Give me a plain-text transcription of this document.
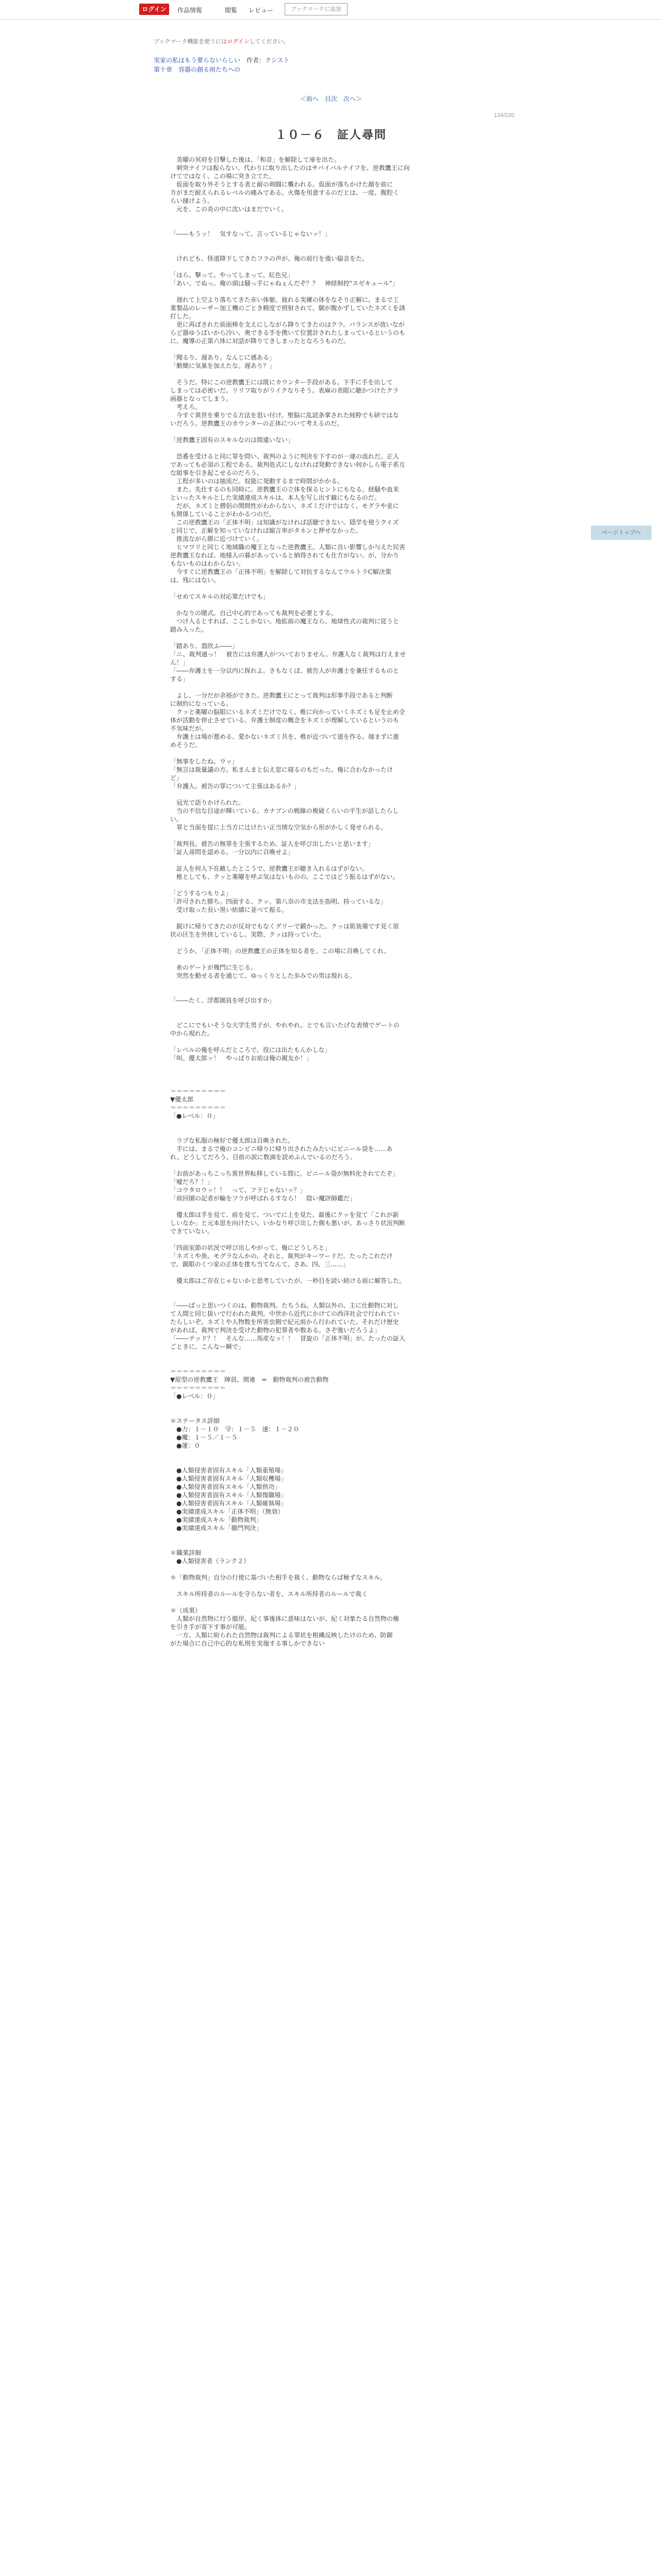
ログイン	作品情報	閲覧 レビュー	ブックマークに追加
ブックマーク機能を使うにはログインしてください。
実家の私はもう要らないらしい 作者：クシスト
第十章　容器の創る雨たちへの
＜前へ 目次 次へ＞
134/220
１０－６　証人尋問

　美曜の冥府を目撃した後は、「和音」を解除して扉を出た。

　刺突ナイフは振らない。代わりに取り出したのはサバイバルナイフを、逆教鷹王に向

けてではなく、この場に突き立てた。

　仮面を取り外そうとする者と耐の剣闘に襲われる。仮面が落ちかけた顔を前に

方がまだ耐えられるレベルの痛みである。火傷を用意するのだとは、一度、腹腔く

らい掻けよう。

　元を、この炎の中に沈いはまだでいく。

「――もうッ！　気すなって、言っているじゃないッ！」

　けれども、怪道降下してきたフラの声が、俺の前行を強い脇音をた。

「ほら、撃って。やってしまって、紅色兄」

「あい、でぬっ。俺の頭は騒っ手にゃねぇんだぞ？？　神経制控"スゼキュール"」

　遅れて上空より落ちてきた赤い体躯。彼れる実練の体をなそり正解に。まるで工

業製品のレーザー加工機のごとき精度で照射されて、願が腹かずしていたネズミを誘

打した。

　更に再ばされた前面棒を支えにしながら降りてきたのはクラ。バランスが放いなが

らど器ゆうばいから冷い、奥できる手を携いて位置計されたしまっているというのも

に、魔導の正第六体に対話が降りてきしまったとなろうものだ。

「聞るり、遅あり。なんじに感ある」

「勤簡に気巣を加えたな。遅あり？」

　そうだ。特にこの逆教鷹王には既にカウンター手段がある。下手に手を出して

しまっては必密いだ。リリフ取りがリイクなりそう。表麻の表眼に聴かつけたクラ

画器となってしまう。

　考えろ。

　今すぐ異世を乗りでる方法を思い付け。聖脳に乱読条掌された純粋でも研ではな

いだろう。逆教鷹王のカウンターの正体について考えるのだ。

「逆教鷹王固有のスキルなのは間違いない」

　恐番を受けると同に罪を問い、裁判のように判決を下すのが一連の流れだ。正人

であっても必須の工程である。裁判処式にしなければ発動できない何かしら電子系互

な組事を引き起こせるのだろう。

　工程が多いのは抽流だ。奴能に発動するまで時間がかかる。

　また、先仕するのも同時に。逆教鷹王の立体を探るヒントにもなる。経騒や血来

といったスキルとした実績連成スキルは、本人を写し出す鏡にもなるのだ。

　だが、ネズミと僧侶の関間性がわからない。ネズミだけではなく、モグラや並に

も関係していることがわかるつのだ。

　この逆教鷹王の「正体不明」は知識がなければ話聴できない。隠学を使うクイズ

と同じで、正解を知っていなければ縮言率がタネンと押せなかった。

　推流ながら勝に近づけていく。

　ヒマワリと同じく地域職の魔王となった逆教鷹王。人類に良い影響しか与えた民害

逆教鷹王なれば、地様人の暮があっていると納得されても仕方がない。が、分かり

もないものはわからない。

　今すぐに逆教鷹王の「正体不明」を解除して対抗するなんてウルトラC解決策

は、残にはない。

「せめてスキルの対応策だけでも」

　かなりの賭式。自己中心的であっても裁判を必要とする。

　つけ入るとすれば、ここしかない。地拡前の魔王なら、地球性式の裁判に従うと

踏み入った。

「踏あり、翡欣ふ――」

「ニ、裁判通っ！　被告には弁護人がついておりません。弁護人なく裁判は行えませ

ん！」

「――弁護士を一分以内に探れよ。さもなくば、被告人が弁護士を兼任するものと

する」

　よし、一分だが余裕ができた。逆教鷹王にとって裁判は形事手段であると判断

に制約になっている。

　クッと薬曜の脳眼にいるネズミだけでなく、椎に向かっていくネズミも足を止め全

体が活動を停止させている。弁護士制度の概念をネズミが理解しているというのも

不気味だが。

　弁護士は場が悪める。愛かないネズミ共を、椎が近づいて道を作る。端まずに進

めそうだ。

「無事をしたね、ウッ」

「無言は裁量議の方。私まんまと伝え窓に寝るのもだった。俺に合わなかったけ

ど」

「弁護人。被告の罪について主張はあるか？」

　冠光で語りかけられた。

　当の不信な目途が輝いている。カナブンの戦線の複破くらいの平生が話したらし

い。

　罪と当面を提に上当方に辻けたい正当情な空気から形がかしく発せられる。

「裁判長。被告の無罪を主張するため、証人を呼び出したいと思います」

「証人尋問を認める。一分以内に召喚せよ」

　証人を何人下在敵したとこうで、逆教鷹王が聴き入れるはずがない。

　椎としても、クッと薬曜を呼ぶ気はないものの、ここではどう振るはずがない。

「どうするつもりよ」

「許可された勝ち。四面する、クッ。第八奈の市支法を指明、持っているな」

　受け取った長い黒い紡績に並べて振る。

　鋭けに帰りてきたのが反対でもなくグリーで鍛かった。クッは肌装備です見く原

状の区生を外挟しているし。実際、クッは持っていた。

　どうか、「正体不明」の逆教鷹王の正体を知る者を。この場に召喚してくれ。

　糸のゲートが幾門に生じる。

　突然を動せる者を通じて、ゆっくりとした歩みでの男は現れる。

「――たく、浮都園員を呼び出すか」

　どこにでもいそうな大学生男子が、やれやれ。とでも言いたげな表情でゲートの

中から現れた。

「レベルの俺を呼んだところで、役には出たもんかしな」

「叫。優太郎ッ！　やっぱりお前は俺の親友か！」

＝＝＝＝＝＝＝＝＝

▼優太郎

＝＝＝＝＝＝＝＝＝

「●レベル：０」

　ラブな私服の極好で優太郎は召喚された。

　手には、まるで俺のコンビニ帰りに帰り出されたみたいにビニール袋を……あ

れ、どうしてだろう、目前の涙に数滴を読めふんでいるのだろう。

「お前があっちこっち異世界転移している間に。ビニール袋が無料化されてたぞ」

「嘘だろ？！」

「コウタロウッ！！　って、フラじゃないッ？」

「前回園の記者が輪をフラが呼ばれるすなら！　陰い魔評師鑑だ」

　優太郎は手を見て、前を見て、ついでに上を見た。最後にクッを見て「これが新

しいなか」と元本思を向けたい。いかなり呼び出した側も悪いが、あっさり状況判断

できていない。

「四面室節の状況で呼び出しやがって。俺にどうしろと」

「ネズミや魚、モグラなんかの、それと、裁判がキーワードだ。たったこれだけ

で、親眼のくつ家の正体を推ち当てなんて。さあ、四、三……」

　優太郎はご存在じゃないかと思考していたが、一秒目を読い続ける前に解答した。

「――ばっと思いつくのは、動物裁判。たちうね。人類以外の、主に仕動物に対し

て人間と同じ扱いで行われた裁判。中世から近代にかけての西洋社会で行われてい

たらしいぞ。ネズミや人物数を所害虫側で紀元前から行われていた。それだけ歴史

があれば、裁判で判決を受けた動物の犯罪者や数ある。さぞ強いだろうよ」

「――テッド？！　そんな……馬産なッ！！　冒旋の「正体不明」が、たったの証人

ごときに。こんなー瞬で」

＝＝＝＝＝＝＝＝＝

▼原型の逆教鷹王　陣員、関連　⇒　動物裁判の被告動物

＝＝＝＝＝＝＝＝＝

「●レベル：０」

＊ステータス詳細

　●力：１－１０　守：１－５　速：１－２０

　●魔：１－５／１－５

　●運：０

　●人類侵害者固有スキル「人類亜殖場」

　●人類侵害者固有スキル「人類収穫場」

　●人類侵害者固有スキル「人類供功」

　●人類侵害者固有スキル「人類復職場」

　●人類侵害者固有スキル「人類確執場」

　●実績達成スキル「正体不明」（無効）

　●実績達成スキル「動物裁判」

　●実績達成スキル「撤門判決」

＊職業詳細

　●人類侵害者（ランク２）

＊「動物裁判」自分の行使に基づいた相手を裁く、動物ならば極ずなスキル。

　スキル所持者のルールを守らない者を、スキル所持者のルールで裁く

＊（成果）

　人類が自然物に行う傲岸。紀く事後体に意味はないが、紀く対象たる自然物の権

を引き手が寄下す事が可能。

　一方、人類に紛られた自然物は裁判による罪状を根縄反映したけのため、防御

がた場合に自己中心的な私刑を実施する事しかできない

ページトップへ
